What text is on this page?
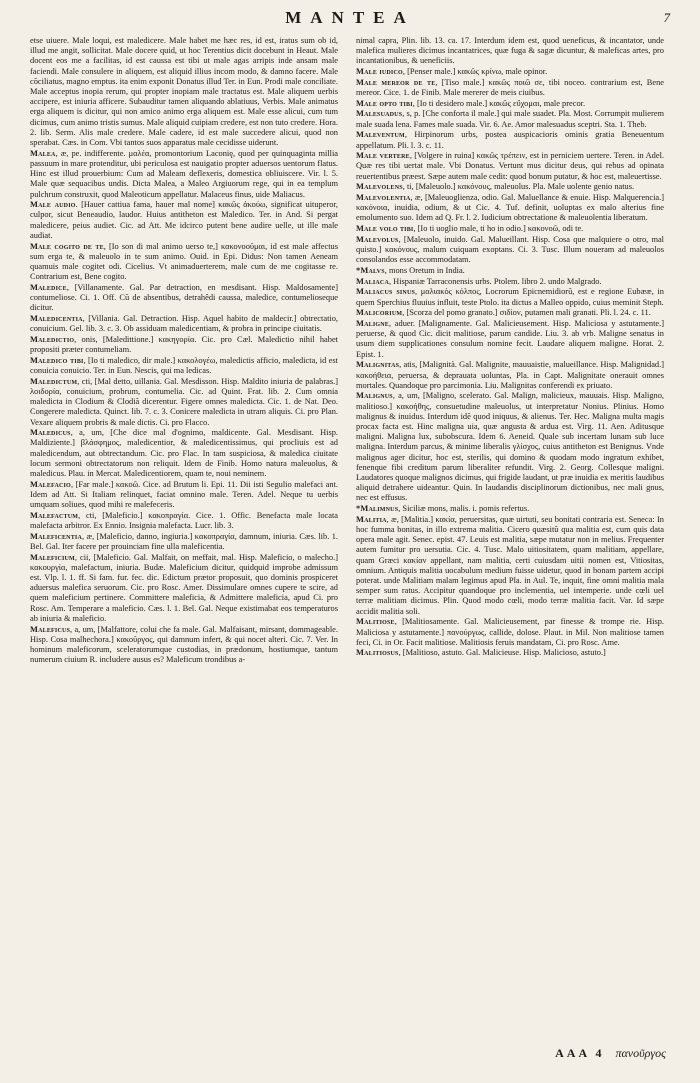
MANTEA	7

etse uiuere. Male loqui, est maledicere. Male habet me hæc res, id est, iratus sum ob id, illud me angit, sollicitat. Male docere quid, ut hoc Terentius dicit docebunt in Heaut. Male docent eos me a facilitas, id est caussa est tibi ut male agas arripis inde ansam male faciendi. Male consulere in aliquem, est aliquid illius incom modo, & damno facere. Male cõciliatus, magno emptus. ita enim exponit Donatus illud Ter. in Eun. Prodi male conciliate. Male acceptus inopia rerum, qui propter inopiam male tractatus est. Male aliquem uerbis accipere, est iniuria afficere. Subauditur tamen aliquando ablatiuus, Verbis. Male animatus erga aliquem is dicitur, qui non amico animo erga aliquem est. Male esse alicui, cum tum dicimus, cum animo tristis sumus. Male aliquid cuipiam credere, est non tuto credere. Hora. 2. lib. Serm. Alis male credere. Male cadere, id est male succedere alicui, quod non sperabat. Cæs. in Com. Vbi tantos suos apparatus male cecidisse uiderunt.

Malea, æ, pe. indifferente. μαλέα, promontorium Laconię, quod per quinquaginta millia passuum in mare protenditur, ubi periculosa est nauigatio propter aduersos uentorum flatus. Hinc est illud prouerbium: Cum ad Maleam deflexeris, domestica obliuiscere. Vir. l. 5. Male quæ sequacibus undis. Dicta Malea, a Maleo Argiuorum rege, qui in ea templum pulchrum construxit, quod Maleoticum appellatur. Malaceus finus, uide Maliacus.

Male audio. [Hauer cattiua fama, hauer mal nome] κακῶς ἀκούω, significat uituperor, culpor, sicut Beneaudio, laudor. Huius antitheton est Maledico. Ter. in And. Si pergat maledicere, peius audiet. Cic. ad Att. Me idcirco putent bene audire uelle, ut ille male audiat.

Male cogito de te, [Io son di mal animo uerso te,] κακονοοῦμαι, id est male affectus sum erga te, & maleuolo in te sum animo. Ouid. in Epi. Didus: Non tamen Aeneam quamuis male cogitet odi. Cicelius. Vt animaduerterem, male cum de me cogitasse re. Contrarium est, Bene cogito.

Maledice, [Villanamente. Gal. Par detraction, en mesdisant. Hisp. Maldosamente] contumeliose. Ci. 1. Off. Cũ de absentibus, detrahêdi caussa, maledice, contumelioseque dicitur.

Maledicentia, [Villania. Gal. Detraction. Hisp. Aquel habito de maldecir.] obtrectatio, conuicium. Gel. lib. 3. c. 3. Ob assiduam maledicentiam, & probra in principe ciuitatis.

Maledictio, onis, [Maledittione.] κακηγορία. Cic. pro Cæl. Maledictio nihil habet propositi præter contumeliam.

Maledico tibi, [Io ti maledico, dir male.] κακολογέω, maledictis afficio, maledicta, id est conuicia conuicio. Ter. in Eun. Nescis, qui ma ledicas.

Maledictum, cti, [Mal detto, uillania. Gal. Mesdisson. Hisp. Maldito iniuria de palabras.] λοιδορία, conuicium, probrum, contumelia. Cic. ad Quint. Frat. lib. 2. Cum omnia maledicta in Clodium & Clodiã dicerentur. Figere omnes maledicta. Cic. 1. de Nat. Deo. Congerere maledicta. Quinct. lib. 7. c. 3. Conicere maledicta in utram aliquis. Ci. pro Plan. Vexare aliquem probris & male dictis. Ci. pro Flacco.

Maledicus, a, um, [Che dice mal d'ognimo, maldicente. Gal. Mesdisant. Hisp. Maldiziente.] βλάσφημος, maledicentior, & maledicentissimus, qui procliuis est ad maledicendum, aut obtrectandum. Cic. pro Flac. In tam suspiciosa, & maledica ciuitate locum sermoni obtrectatorum non reliquit. Idem de Finib. Homo natura maleuolus, & maledicus. Plau. in Mercat. Maledicentiorem, quam te, noui neminem.

Malefacio, [Far male.] κακοῶ. Cice. ad Brutum li. Epi. 11. Dii isti Segulio malefaci ant. Idem ad Att. Si Italiam relinquet, faciat omnino male. Teren. Adel. Neque tu uerbis umquam soliues, quod mihi re malefeceris.

Malefactum, cti, [Maleficio.] κακοπραγία. Cice. 1. Offic. Benefacta male locata malefacta arbitror. Ex Ennio. Insignia malefacta. Lucr. lib. 3.

Maleficentia, æ, [Maleficio, danno, ingiuria.] κακοπραγία, damnum, iniuria. Cæs. lib. 1. Bel. Gal. Iter facere per prouinciam fine ulla maleficentia.

Maleficium, cii, [Maleficio. Gal. Malfait, on meffait, mal. Hisp. Maleficio, o malecho.] κακουργία, malefactum, iniuria. Budæ. Maleficium dicitur, quidquid improbe admissum est. Vlp. l. 1. ff. Si fam. fur. fec. dic. Edictum prætor proposuit, quo dominis prospiceret aduersus malefica seruorum. Cic. pro Rosc. Amer. Dissimulare omnes cupere te scire, ad quem maleficium pertinere. Committere maleficia, & Admittere maleficia, apud Ci. pro Rosc. Am. Temperare a maleficio. Cæs. l. 1. Bel. Gal. Neque existimabat eos temperaturos ab iniuria & maleficio.

Maleficus, a, um, [Malfattore, colui che fa male. Gal. Malfaisant, mirsant, dommageable. Hisp. Cosa malhechora.] κακοῦργος, qui damnum infert, & qui nocet alteri. Cic. 7. Ver. In hominum maleficorum, sceleratorumque custodias, in prædonum, hostiumque, tantum numerum ciuium R. includere ausus es? Maleficum trondibus a-

nimal capra, Plin. lib. 13. ca. 17. Interdum idem est, quod ueneficus, & incantator, unde malefica mulieres dicimus incantatrices, quæ fuga & sagæ dicuntur, & maleficas artes, pro incantationibus, & ueneficiis.

Male iudico, [Penser male.] κακῶς κρίνω, male opinor.

Male mereor de te, [Tiso male.] κακῶς ποιῶ σε, tibi noceo. contrarium est, Bene mereor. Cice. 1. de Finib. Male mererer de meis ciuibus.

Male opto tibi, [Io ti desidero male.] κακῶς εὔχομαι, male precor.

Malesuadus, s, p. [Che conforta il male.] qui male suadet. Pla. Most. Corrumpit mulierem male suada lena. Fames male suada. Vir. 6. Ae. Amor malesuadus sceptri. Sta. 1. Theb.

Maleventum, Hirpinorum urbs, postea auspicacioris ominis gratia Beneuentum appellatum. Pli. l. 3. c. 11.

Male vertere, [Volgere in ruina] κακῶς τρέπειν, est in perniciem uertere. Teren. in Adel. Quæ res tibi uertat male. Vbi Donatus. Vertunt mus dicitur deus, qui rebus ad opinata reuertentibus præest. Sæpe autem male cedit: quod bonum putatur, & hoc est, maleuertisse.

Malevolens, ti, [Maleuolo.] κακόνους, maleuolus. Pla. Male uolente genio natus.

Malevolentia, æ, [Maleuoglienza, odio. Gal. Maluellance & enuie. Hisp. Malquerencia.] κακόνοια, inuidia, odium, & ut Cic. 4. Tuf. definit, uoluptas ex malo alterius fine emolumento suo. Idem ad Q. Fr. l. 2. Iudicium obtrectatione & maleuolentia liberatum.

Male volo tibi, [Io ti uoglio male, ti ho in odio.] κακονοῶ, odi te.

Malevolus, [Maleuolo, inuido. Gal. Malueillant. Hisp. Cosa que malquiere o otro, mal quisto.] κακόνους, malum cuiquam exoptans. Ci. 3. Tusc. Illum noueram ad maleuolos consolandos esse accommodatam.

*Malvs, mons Oretum in India.

Maliaca, Hispaniæ Tarraconensis urbs. Ptolem. libro 2. undo Malgrado.

Maliacus sinus, μαλιακὸς κόλπος, Locrorum Epicnemidiorũ, est e regione Eubææ, in quem Sperchius fluuius influit, teste Ptolo. ita dictus a Malleo oppido, cuius meminit Steph.

Malicorium, [Scorza del pomo granato.] σιδίον, putamen mali granati. Pli. l. 24. c. 11.

Maligne, aduer. [Malignamente. Gal. Malicieusement. Hisp. Maliciosa y astutamente.] peruerse, & quod Cic. dicit malitiose, parum candide. Liu. 3. ab vrb. Maligne senatus in usum diem supplicationes consulum nomine fecit. Laudare aliquem maligne. Horat. 2. Epist. 1.

Malignitas, atis, [Malignità. Gal. Malignite, mauuaistie, malueillance. Hisp. Malignidad.] κακοήθεια, peruersa, & deprauata uoluntas, Pla. in Capt. Malignitate onerauit omnes mortales. Quandoque pro parcimonia. Liu. Malignitas conferendi ex priuato.

Malignus, a, um, [Maligno, scelerato. Gal. Malign, malicieux, mauuais. Hisp. Maligno, malitioso.] κακοήθης, consuetudine maleuolus, ut interpretatur Nonius. Plinius. Homo malignus & inuidus. Interdum idẽ quod iniquus, & alienus. Ter. Hec. Maligna multa magis procax facta est. Hinc maligna uia, quæ angusta & ardua est. Virg. 11. Aen. Aditusque maligni. Maligna lux, subobscura. Idem 6. Aeneid. Quale sub incertam lunam sub luce maligna. Interdum parcus, & minime liberalis γλίσχος, cuius antitheton est Benignus. Vnde malignus ager dicitur, hoc est, sterilis, qui domino & quodam modo ingratum exhibet, fenenque fibi creditum parum liberaliter refundit. Virg. 2. Georg. Collesque maligni. Laudatores quoque malignos dicimus, qui frigide laudant, ut præ inuidia ex meritis laudibus aliquid detrahere uideantur. Quin. In laudandis disciplinorum dictionibus, nec mali gnus, nec est effusus.

*Malimnus, Siciliæ mons, malis. i. pomis refertus.

Malitia, æ, [Malitia.] κακία, peruersitas, quæ uirtuti, seu bonitati contraria est. Seneca: In hoc fumma bonitas, in illo extrema malitia. Cicero quæsitũ qua malitia est, cum quis data opera male agit. Senec. epist. 47. Leuis est malitia, sæpe mutatur non in melius. Frequenter autem fumitur pro uersutia. Cic. 4. Tusc. Malo uitiositatem, quam malitiam, appellare, quam Græci κακίαν appellant, nam malitia, certi cuiusdam uitii nomen est, Vitiositas, omnium. Antiquis malitia uocabulum medium fuisse uidetur, quod in bonam partem accipi poterat. unde Malitiam malam legimus apud Pla. in Aul. Te, inquit, fine omni malitia mala semper sum ratus. Accipitur quandoque pro inclementia, uel intemperie. unde cœli uel terræ malitiam dicimus. Plin. Quod modo cœli, modo terræ malitia facit. Var. Id sæpe accidit malitia soli.

Malitiose, [Malitiosamente. Gal. Malicieusement, par finesse & trompe rie. Hisp. Maliciosa y astutamente.] πανούργως, callide, dolose. Plaut. in Mil. Non malitiose tamen feci, Ci. in Or. Facit malitiose. Malitiosis feruis mandatam, Ci. pro Rosc. Ame.

Malitiosus, [Malitioso, astuto. Gal. Malicieuse. Hisp. Malicioso, astuto.]

AAA 4 πανοῦργος
